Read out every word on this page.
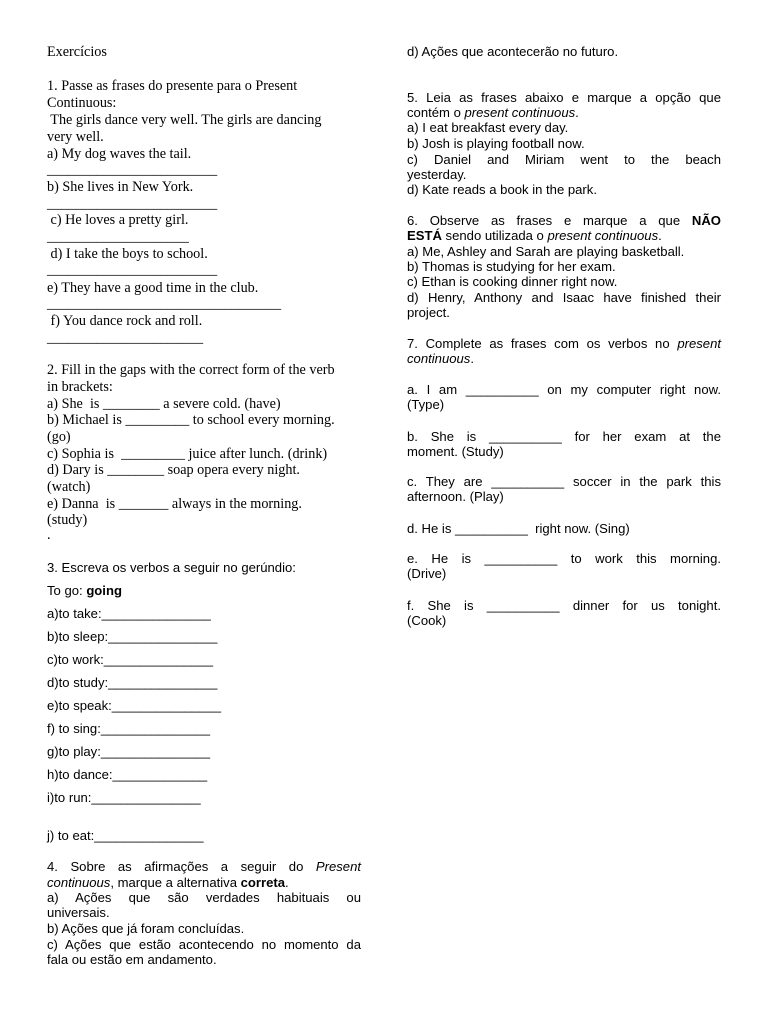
Exercícios
1. Passe as frases do presente para o Present
Continuous:
The girls dance very well. The girls are dancing
very well.
a) My dog waves the tail.
________________________
b) She lives in New York.
________________________
c) He loves a pretty girl.
____________________
d) I take the boys to school.
________________________
e) They have a good time in the club.
_________________________________
f) You dance rock and roll.
______________________
2. Fill in the gaps with the correct form of the verb
in brackets:
a) She  is ________ a severe cold. (have)
b) Michael is _________ to school every morning.
(go)
c) Sophia is  _________ juice after lunch. (drink)
d) Dary is ________ soap opera every night.
(watch)
e) Danna  is _______ always in the morning.
(study)
.
3. Escreva os verbos a seguir no gerúndio:
To go: going
a)to take:_______________
b)to sleep:_______________
c)to work:_______________
d)to study:_______________
e)to speak:_______________
f) to sing:_______________
g)to play:_______________
h)to dance:_____________
i)to run:_______________
j) to eat:_______________
4. Sobre as afirmações a seguir do Present
continuous, marque a alternativa correta.
a) Ações que são verdades habituais ou
universais.
b) Ações que já foram concluídas.
c) Ações que estão acontecendo no momento da
fala ou estão em andamento.
d) Ações que acontecerão no futuro.
5. Leia as frases abaixo e marque a opção que
contém o present continuous.
a) I eat breakfast every day.
b) Josh is playing football now.
c) Daniel and Miriam went to the beach
yesterday.
d) Kate reads a book in the park.
6. Observe as frases e marque a que NÃO
ESTÁ sendo utilizada o present continuous.
a) Me, Ashley and Sarah are playing basketball.
b) Thomas is studying for her exam.
c) Ethan is cooking dinner right now.
d) Henry, Anthony and Isaac have finished their
project.
7. Complete as frases com os verbos no present
continuous.
a. I am __________ on my computer right now.
(Type)
b. She is __________ for her exam at the
moment. (Study)
c. They are __________ soccer in the park this
afternoon. (Play)
d. He is __________  right now. (Sing)
e. He is __________ to work this morning.
(Drive)
f. She is __________ dinner for us tonight.
(Cook)
